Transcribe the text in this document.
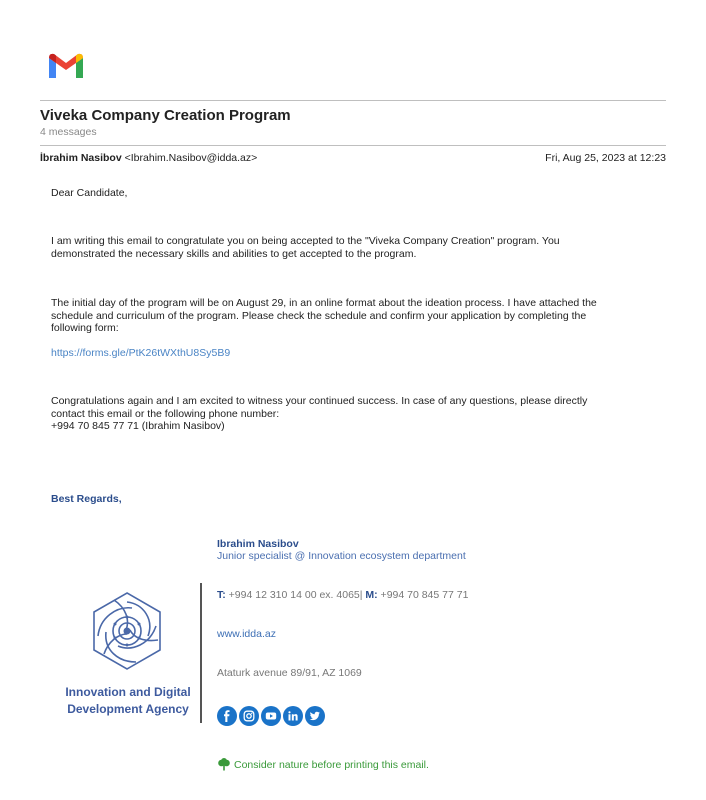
Viveka Company Creation Program
4 messages
İbrahim Nasibov <Ibrahim.Nasibov@idda.az>	Fri, Aug 25, 2023 at 12:23
Dear Candidate,
I am writing this email to congratulate you on being accepted to the "Viveka Company Creation" program. You
demonstrated the necessary skills and abilities to get accepted to the program.
The initial day of the program will be on August 29, in an online format about the ideation process. I have attached the
schedule and curriculum of the program. Please check the schedule and confirm your application by completing the
following form:
https://forms.gle/PtK26tWXthU8Sy5B9
Congratulations again and I am excited to witness your continued success. In case of any questions, please directly
contact this email or the following phone number:
+994 70 845 77 71 (Ibrahim Nasibov)
Best Regards,
Ibrahim Nasibov
Junior specialist @ Innovation ecosystem department
Innovation and Digital
Development Agency
T: +994 12 310 14 00 ex. 4065| M: +994 70 845 77 71
www.idda.az
Ataturk avenue 89/91, AZ 1069
Consider nature before printing this email.
